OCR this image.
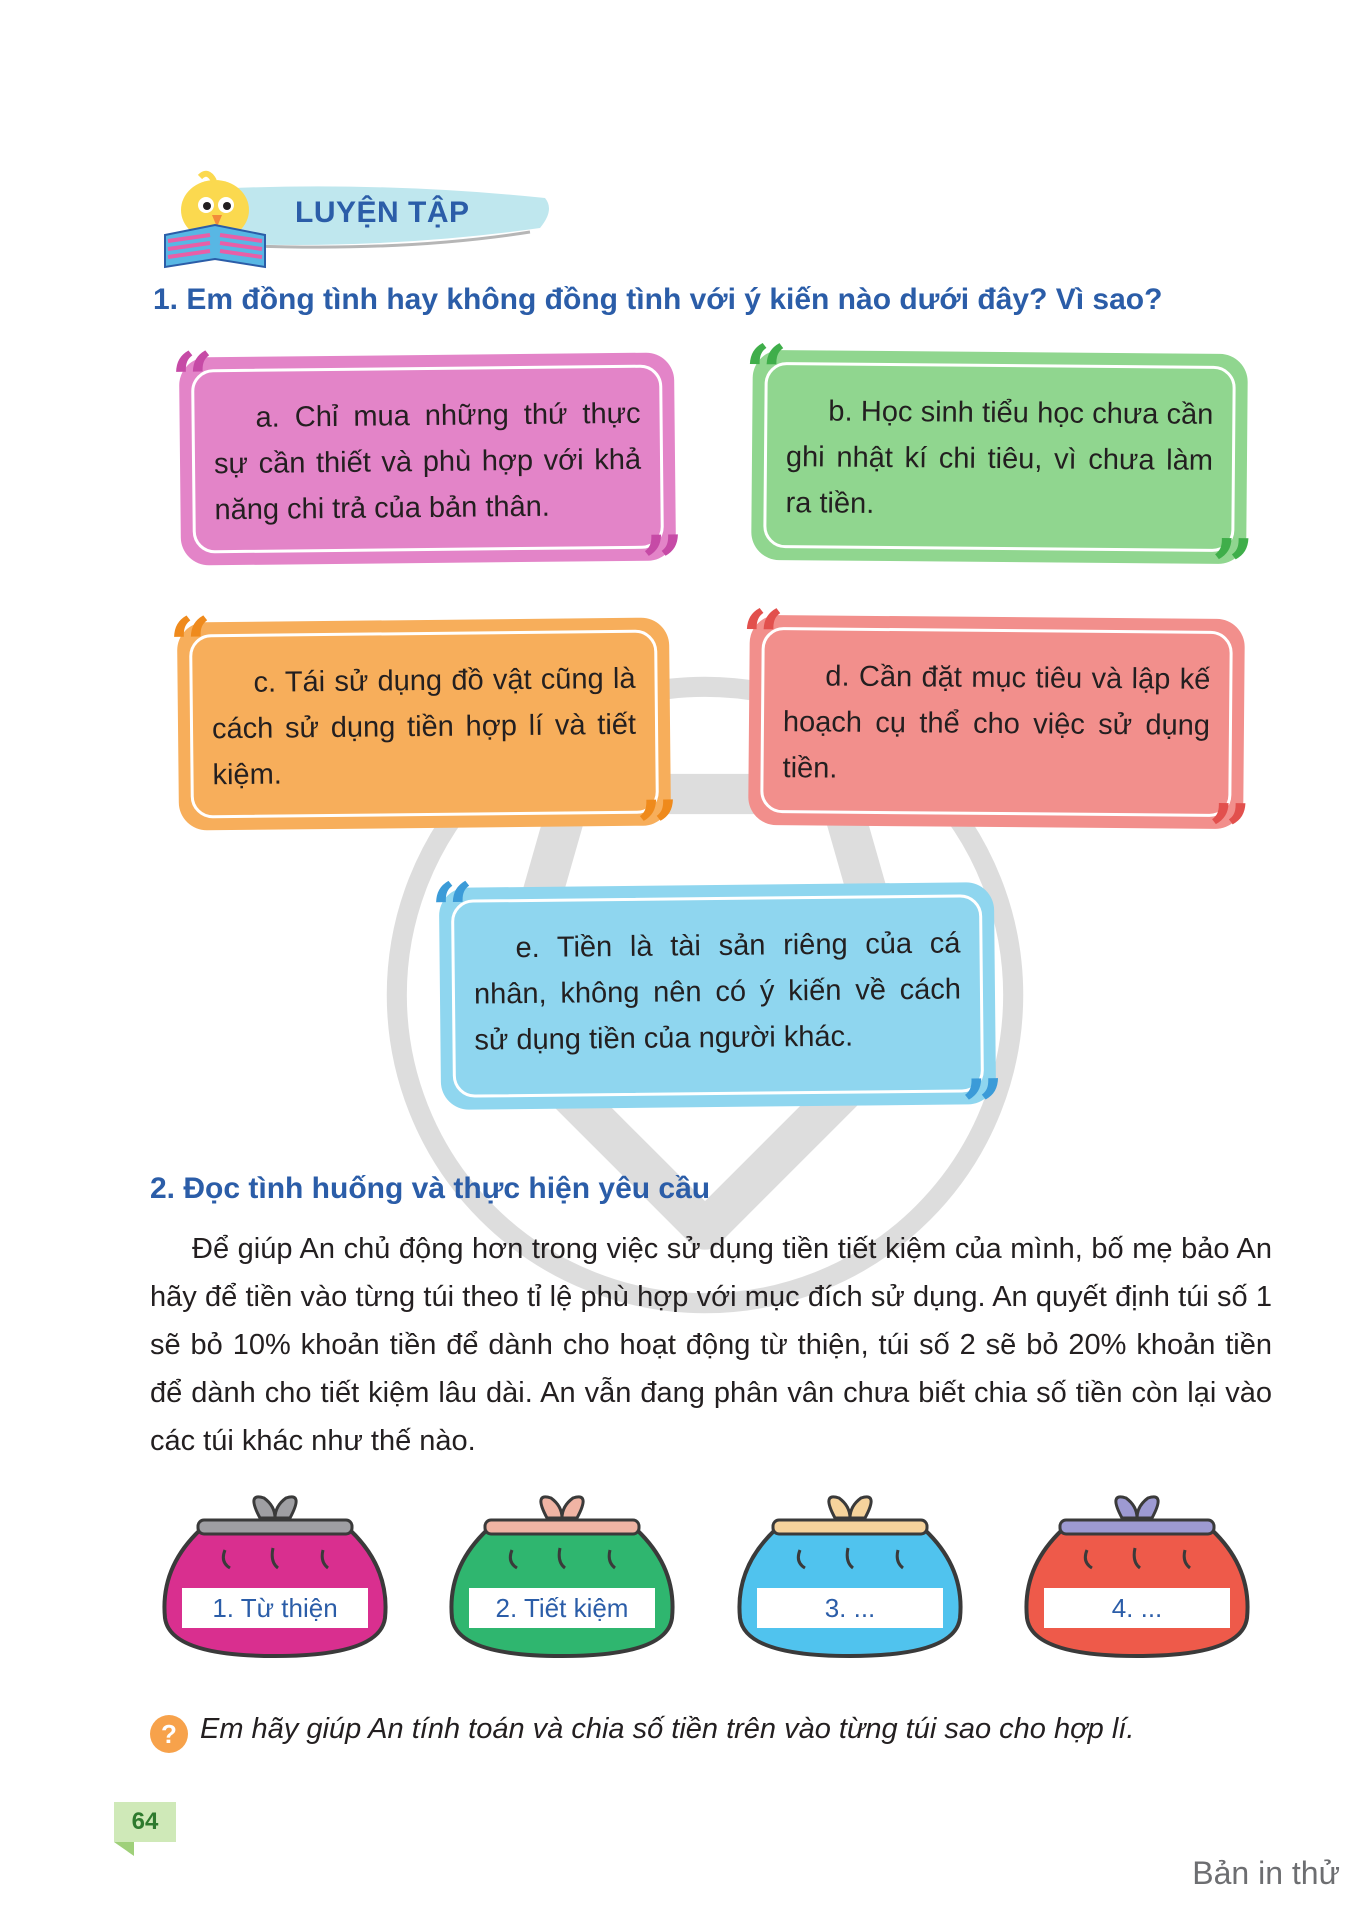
LUYỆN TẬP
1. Em đồng tình hay không đồng tình với ý kiến nào dưới đây? Vì sao?
a. Chỉ mua những thứ thực sự cần thiết và phù hợp với khả năng chi trả của bản thân.
“
”
b. Học sinh tiểu học chưa cần ghi nhật kí chi tiêu, vì chưa làm ra tiền.
“
”
c. Tái sử dụng đồ vật cũng là cách sử dụng tiền hợp lí và tiết kiệm.
“
”
d. Cần đặt mục tiêu và lập kế hoạch cụ thể cho việc sử dụng tiền.
“
”
e. Tiền là tài sản riêng của cá nhân, không nên có ý kiến về cách sử dụng tiền của người khác.
“
”
2. Đọc tình huống và thực hiện yêu cầu
Để giúp An chủ động hơn trong việc sử dụng tiền tiết kiệm của mình, bố mẹ bảo An hãy để tiền vào từng túi theo tỉ lệ phù hợp với mục đích sử dụng. An quyết định túi số 1 sẽ bỏ 10% khoản tiền để dành cho hoạt động từ thiện, túi số 2 sẽ bỏ 20% khoản tiền để dành cho tiết kiệm lâu dài. An vẫn đang phân vân chưa biết chia số tiền còn lại vào các túi khác như thế nào.
1. Từ thiện	2. Tiết kiệm	3. ...	4. ...
? Em hãy giúp An tính toán và chia số tiền trên vào từng túi sao cho hợp lí.
64
Bản in thử
